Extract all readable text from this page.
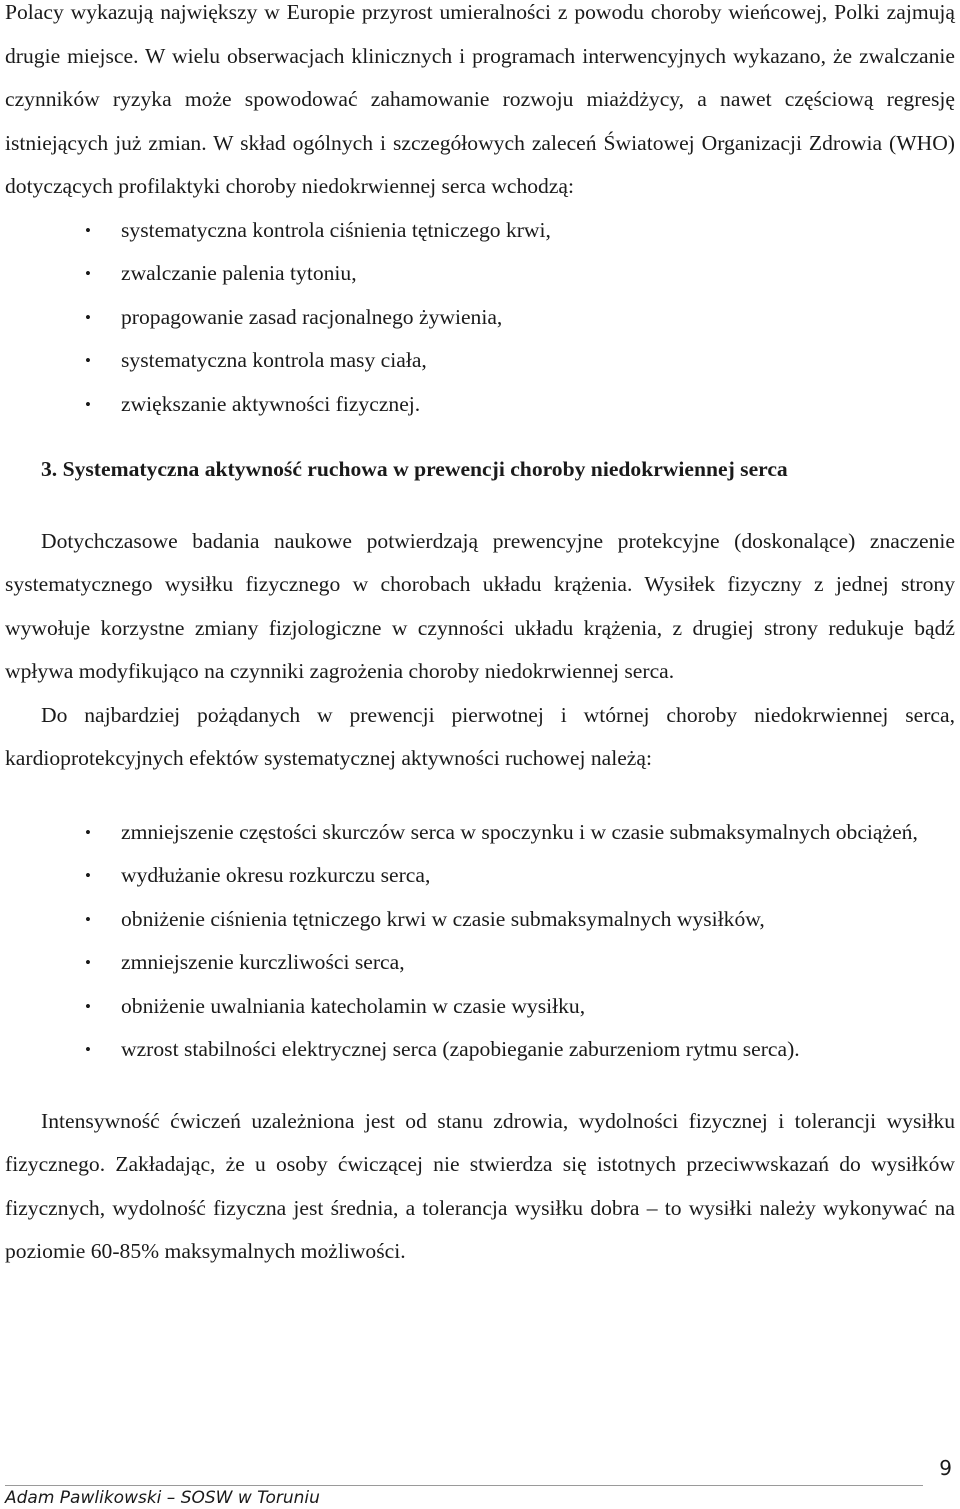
Polacy wykazują największy w Europie przyrost umieralności z powodu choroby wieńcowej, Polki zajmują drugie miejsce. W wielu obserwacjach klinicznych i programach interwencyjnych wykazano, że zwalczanie czynników ryzyka może spowodować zahamowanie rozwoju miażdżycy, a nawet częściową regresję istniejących już zmian. W skład ogólnych i szczegółowych zaleceń Światowej Organizacji Zdrowia (WHO) dotyczących profilaktyki choroby niedokrwiennej serca wchodzą:

• systematyczna kontrola ciśnienia tętniczego krwi,
• zwalczanie palenia tytoniu,
• propagowanie zasad racjonalnego żywienia,
• systematyczna kontrola masy ciała,
• zwiększanie aktywności fizycznej.
3. Systematyczna aktywność ruchowa w prewencji choroby niedokrwiennej serca

Dotychczasowe badania naukowe potwierdzają prewencyjne protekcyjne (doskonalące) znaczenie systematycznego wysiłku fizycznego w chorobach układu krążenia. Wysiłek fizyczny z jednej strony wywołuje korzystne zmiany fizjologiczne w czynności układu krążenia, z drugiej strony redukuje bądź wpływa modyfikująco na czynniki zagrożenia choroby niedokrwiennej serca.

Do najbardziej pożądanych w prewencji pierwotnej i wtórnej choroby niedokrwiennej serca, kardioprotekcyjnych efektów systematycznej aktywności ruchowej należą:

• zmniejszenie częstości skurczów serca w spoczynku i w czasie submaksymalnych obciążeń,
• wydłużanie okresu rozkurczu serca,
• obniżenie ciśnienia tętniczego krwi w czasie submaksymalnych wysiłków,
• zmniejszenie kurczliwości serca,
• obniżenie uwalniania katecholamin w czasie wysiłku,
• wzrost stabilności elektrycznej serca (zapobieganie zaburzeniom rytmu serca).

Intensywność ćwiczeń uzależniona jest od stanu zdrowia, wydolności fizycznej i tolerancji wysiłku fizycznego. Zakładając, że u osoby ćwiczącej nie stwierdza się istotnych przeciwwskazań do wysiłków fizycznych, wydolność fizyczna jest średnia, a tolerancja wysiłku dobra – to wysiłki należy wykonywać na poziomie 60-85% maksymalnych możliwości.

9
Adam Pawlikowski – SOSW w Toruniu
